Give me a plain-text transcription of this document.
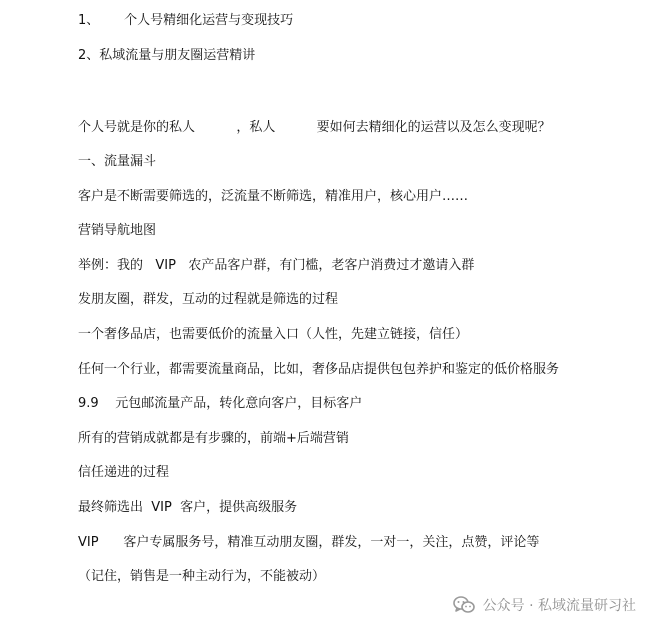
1、      个人号精细化运营与变现技巧
2、私域流量与朋友圈运营精讲
个人号就是你的私人          ，私人          要如何去精细化的运营以及怎么变现呢？
一、流量漏斗
客户是不断需要筛选的，泛流量不断筛选，精准用户，核心用户……
营销导航地图
举例：我的   VIP   农产品客户群，有门槛，老客户消费过才邀请入群
发朋友圈，群发，互动的过程就是筛选的过程
一个奢侈品店，也需要低价的流量入口（人性，先建立链接，信任）
任何一个行业，都需要流量商品，比如，奢侈品店提供包包养护和鉴定的低价格服务
9.9    元包邮流量产品，转化意向客户，目标客户
所有的营销成就都是有步骤的，前端+后端营销
信任递进的过程
最终筛选出  VIP  客户，提供高级服务
VIP      客户专属服务号，精准互动朋友圈，群发，一对一，关注，点赞，评论等
（记住，销售是一种主动行为，不能被动）
公众号 · 私域流量研习社
